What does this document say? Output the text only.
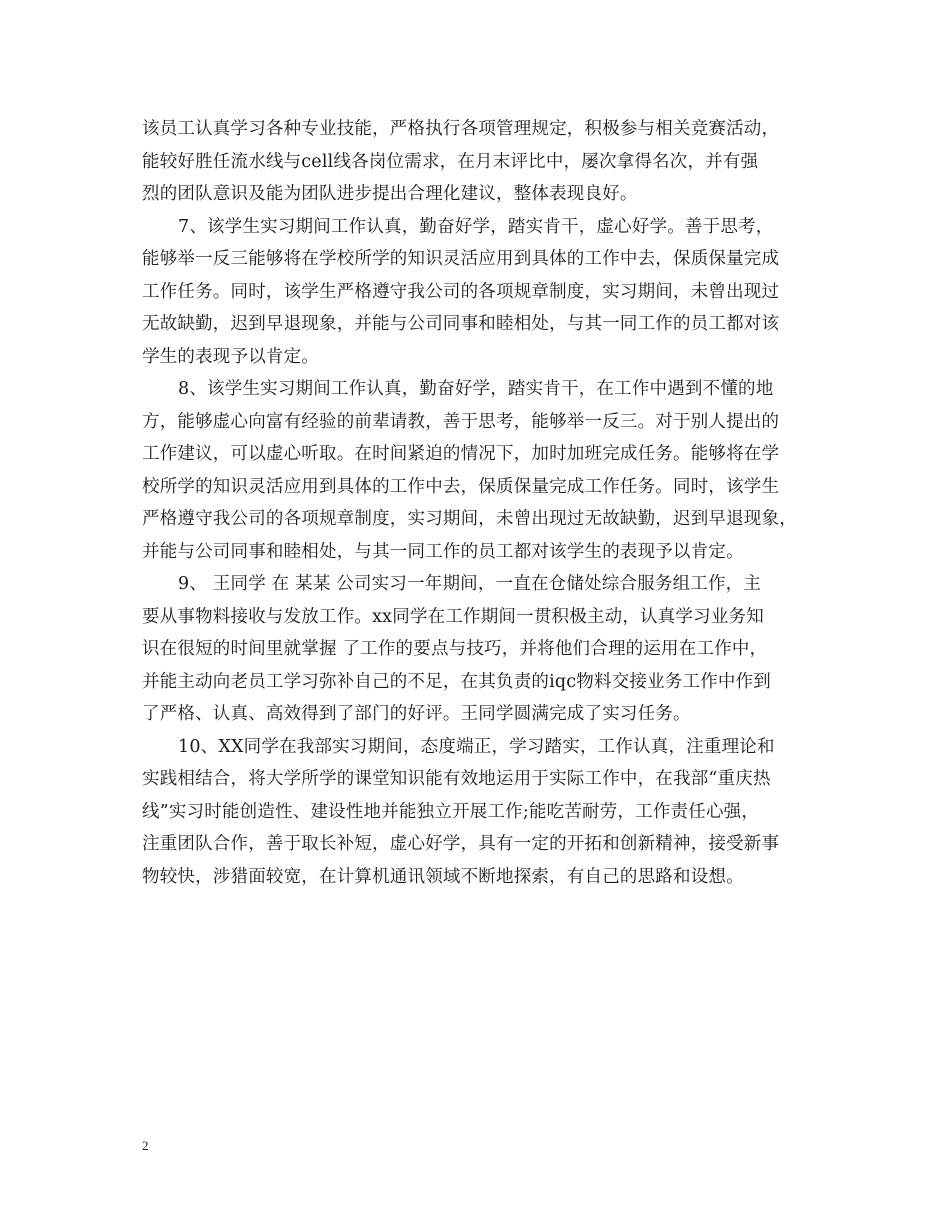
该员工认真学习各种专业技能，严格执行各项管理规定，积极参与相关竞赛活动，
能较好胜任流水线与cell线各岗位需求，在月末评比中，屡次拿得名次，并有强
烈的团队意识及能为团队进步提出合理化建议，整体表现良好。
7、该学生实习期间工作认真，勤奋好学，踏实肯干，虚心好学。善于思考，
能够举一反三能够将在学校所学的知识灵活应用到具体的工作中去，保质保量完成
工作任务。同时，该学生严格遵守我公司的各项规章制度，实习期间，未曾出现过
无故缺勤，迟到早退现象，并能与公司同事和睦相处，与其一同工作的员工都对该
学生的表现予以肯定。
8、该学生实习期间工作认真，勤奋好学，踏实肯干，在工作中遇到不懂的地
方，能够虚心向富有经验的前辈请教，善于思考，能够举一反三。对于别人提出的
工作建议，可以虚心听取。在时间紧迫的情况下，加时加班完成任务。能够将在学
校所学的知识灵活应用到具体的工作中去，保质保量完成工作任务。同时，该学生
严格遵守我公司的各项规章制度，实习期间，未曾出现过无故缺勤，迟到早退现象，
并能与公司同事和睦相处，与其一同工作的员工都对该学生的表现予以肯定。
9、 王同学 在 某某 公司实习一年期间，一直在仓储处综合服务组工作，主
要从事物料接收与发放工作。xx同学在工作期间一贯积极主动，认真学习业务知
识在很短的时间里就掌握 了工作的要点与技巧，并将他们合理的运用在工作中，
并能主动向老员工学习弥补自己的不足，在其负责的iqc物料交接业务工作中作到
了严格、认真、高效得到了部门的好评。王同学圆满完成了实习任务。
10、XX同学在我部实习期间，态度端正，学习踏实，工作认真，注重理论和
实践相结合，将大学所学的课堂知识能有效地运用于实际工作中，在我部“重庆热
线”实习时能创造性、建设性地并能独立开展工作;能吃苦耐劳，工作责任心强，
注重团队合作，善于取长补短，虚心好学，具有一定的开拓和创新精神，接受新事
物较快，涉猎面较宽，在计算机通讯领域不断地探索，有自己的思路和设想。
2
